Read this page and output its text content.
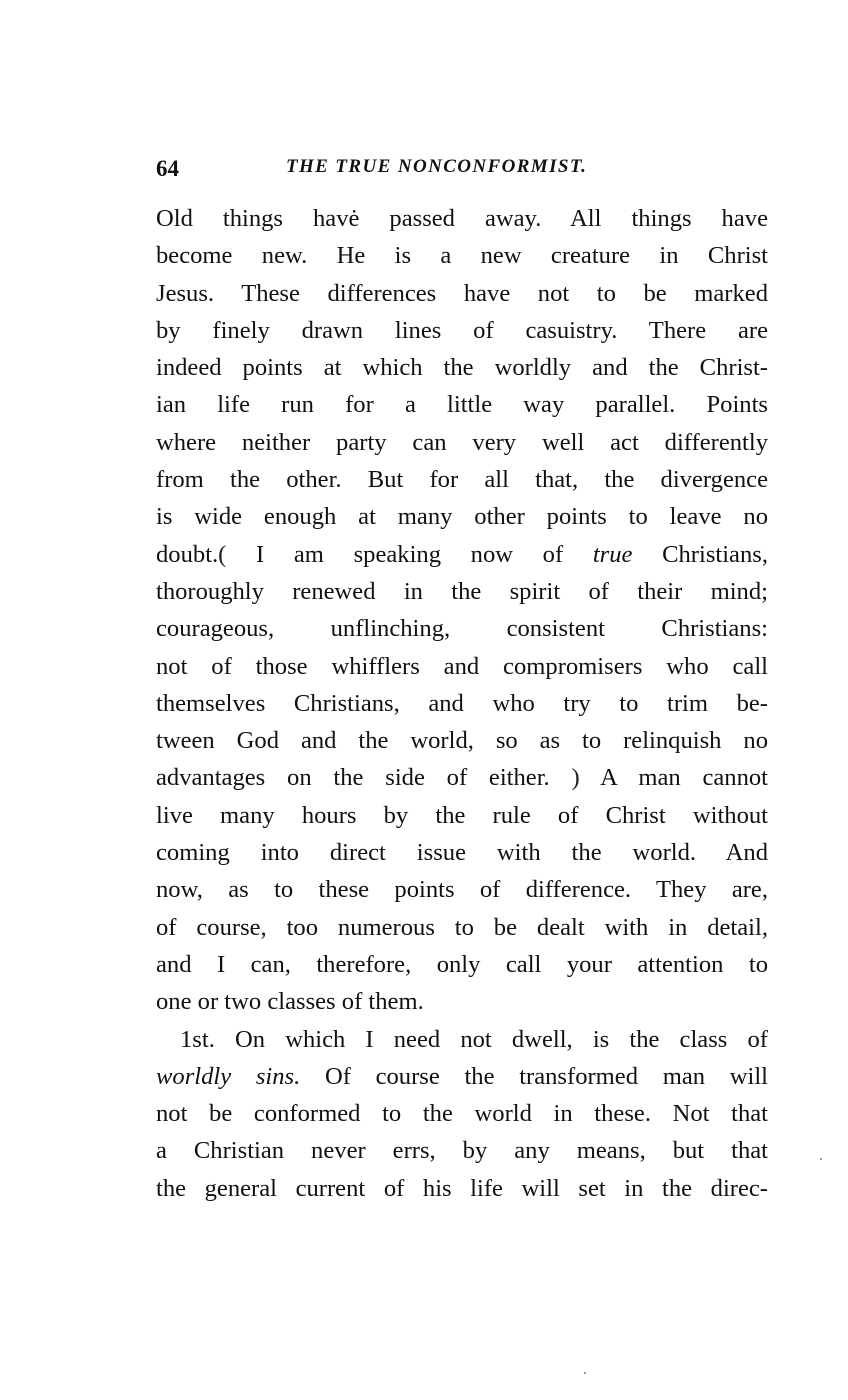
64	THE TRUE NONCONFORMIST.
Old things havė passed away. All things have
become new. He is a new creature in Christ
Jesus. These differences have not to be marked
by finely drawn lines of casuistry. There are
indeed points at which the worldly and the Christ-
ian life run for a little way parallel. Points
where neither party can very well act differently
from the other. But for all that, the divergence
is wide enough at many other points to leave no
doubt.( I am speaking now of true Christians,
thoroughly renewed in the spirit of their mind;
courageous, unflinching, consistent Christians:
not of those whifflers and compromisers who call
themselves Christians, and who try to trim be-
tween God and the world, so as to relinquish no
advantages on the side of either. ) A man cannot
live many hours by the rule of Christ without
coming into direct issue with the world. And
now, as to these points of difference. They are,
of course, too numerous to be dealt with in detail,
and I can, therefore, only call your attention to
one or two classes of them.
1st. On which I need not dwell, is the class of
worldly sins. Of course the transformed man will
not be conformed to the world in these. Not that
a Christian never errs, by any means, but that
the general current of his life will set in the direc-
